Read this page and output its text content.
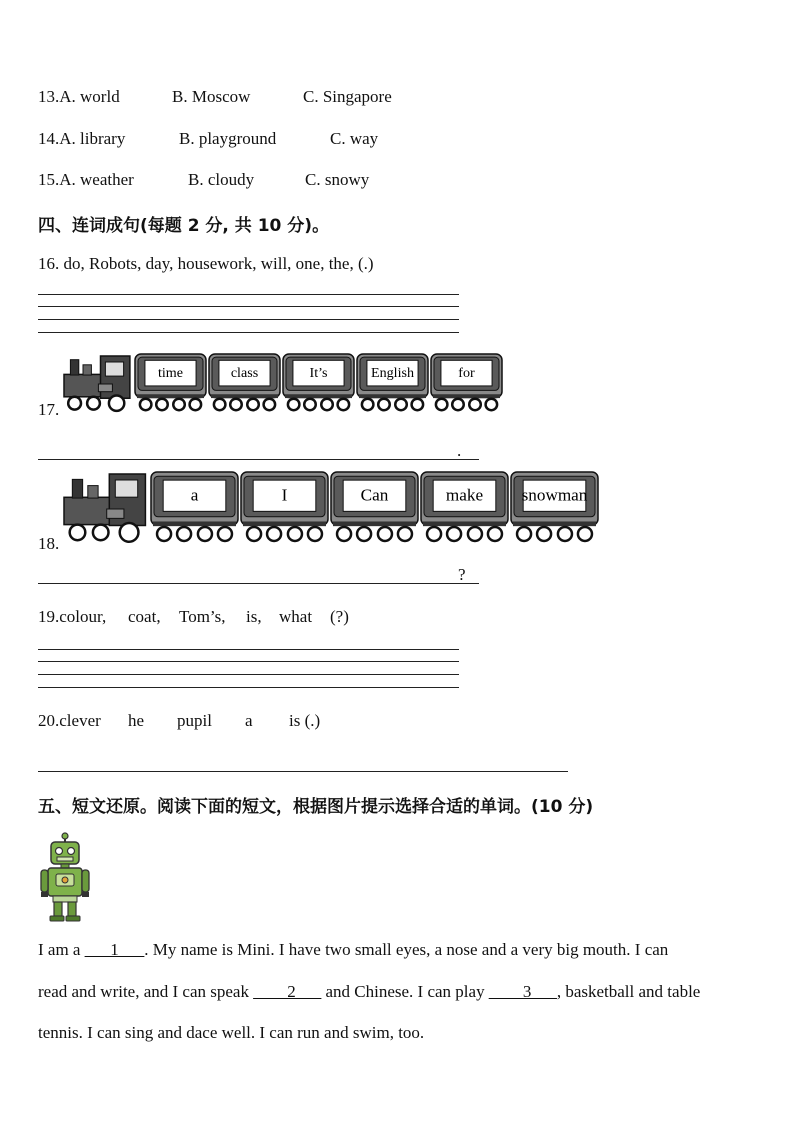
13.A. world	B. Moscow	C. Singapore
14.A. library	B. playground	C. way
15.A. weather	B. cloudy	C. snowy
四、连词成句(每题 2 分, 共 10 分)。
16. do, Robots, day, housework, will, one, the, (.)
17.
time	class	It’s	English	for
.
18.
a	I	Can	make snowman
?
19.colour, coat, Tom’s, is, what (?)
20.clever he pupil a is (.)
五、短文还原。阅读下面的短文，根据图片提示选择合适的单词。(10 分)
I am a ___1___. My name is Mini. I have two small eyes, a nose and a very big mouth. I can
read and write, and I can speak ____2___ and Chinese. I can play ____3___, basketball and table
tennis. I can sing and dace well. I can run and swim, too.
